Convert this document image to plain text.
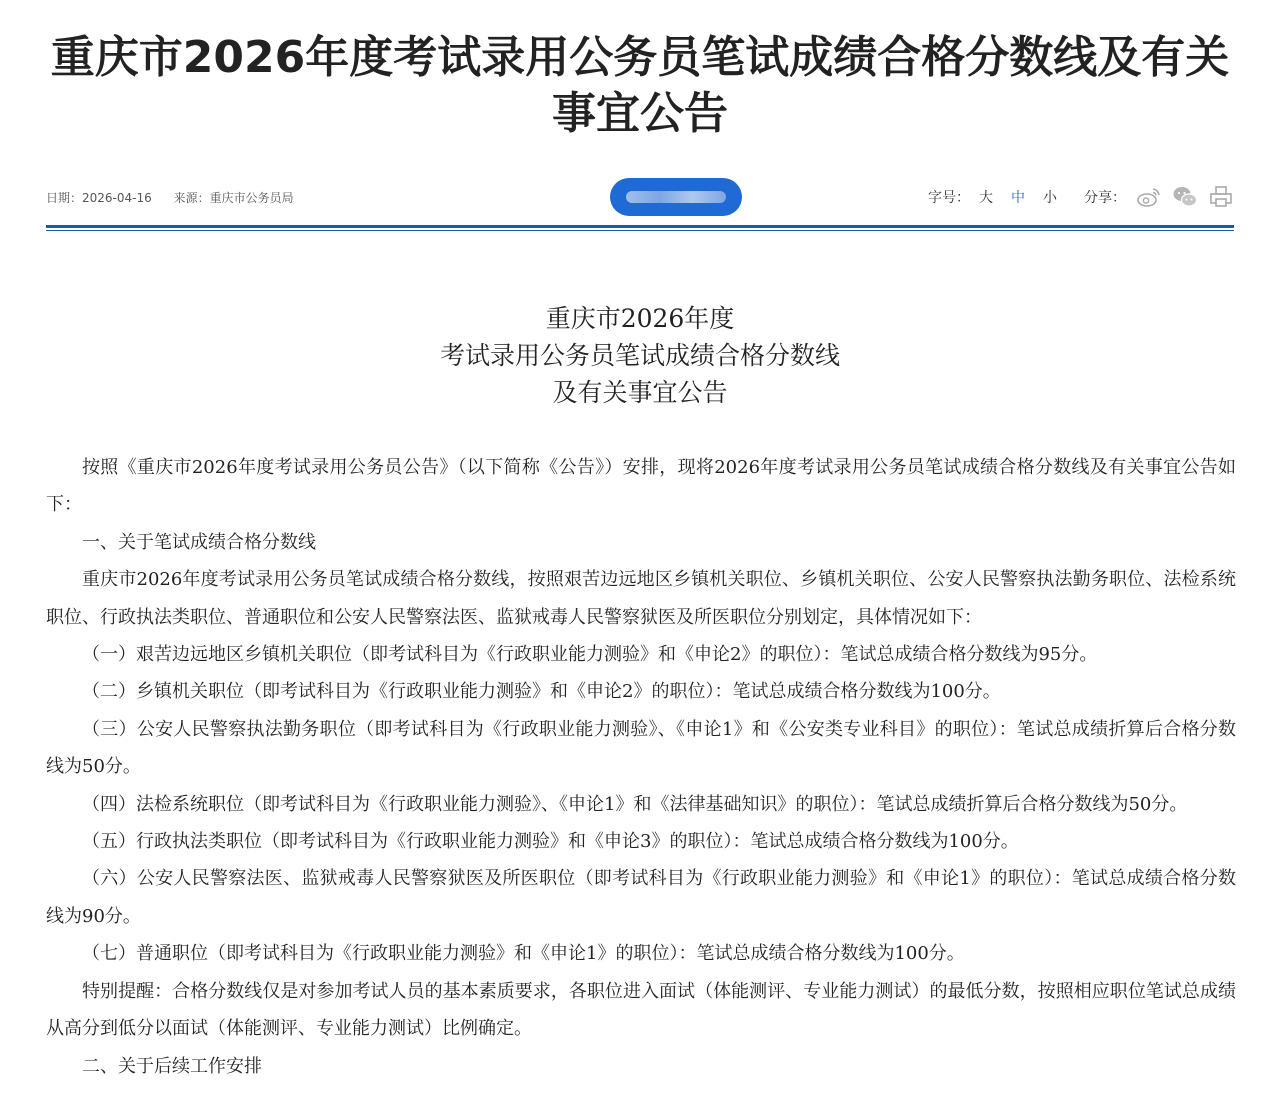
重庆市2026年度考试录用公务员笔试成绩合格分数线及有关事宜公告
日期：2026-04-16 来源：重庆市公务员局	字号： 大 中 小 分享：
重庆市2026年度
考试录用公务员笔试成绩合格分数线
及有关事宜公告

按照《重庆市2026年度考试录用公务员公告》（以下简称《公告》）安排，现将2026年度考试录用公务员笔试成绩合格分数线及有关事宜公告如下：

一、关于笔试成绩合格分数线

重庆市2026年度考试录用公务员笔试成绩合格分数线，按照艰苦边远地区乡镇机关职位、乡镇机关职位、公安人民警察执法勤务职位、法检系统职位、行政执法类职位、普通职位和公安人民警察法医、监狱戒毒人民警察狱医及所医职位分别划定，具体情况如下：

（一）艰苦边远地区乡镇机关职位（即考试科目为《行政职业能力测验》和《申论2》的职位）：笔试总成绩合格分数线为95分。

（二）乡镇机关职位（即考试科目为《行政职业能力测验》和《申论2》的职位）：笔试总成绩合格分数线为100分。

（三）公安人民警察执法勤务职位（即考试科目为《行政职业能力测验》、《申论1》和《公安类专业科目》的职位）：笔试总成绩折算后合格分数线为50分。

（四）法检系统职位（即考试科目为《行政职业能力测验》、《申论1》和《法律基础知识》的职位）：笔试总成绩折算后合格分数线为50分。

（五）行政执法类职位（即考试科目为《行政职业能力测验》和《申论3》的职位）：笔试总成绩合格分数线为100分。

（六）公安人民警察法医、监狱戒毒人民警察狱医及所医职位（即考试科目为《行政职业能力测验》和《申论1》的职位）：笔试总成绩合格分数线为90分。

（七）普通职位（即考试科目为《行政职业能力测验》和《申论1》的职位）：笔试总成绩合格分数线为100分。

特别提醒：合格分数线仅是对参加考试人员的基本素质要求，各职位进入面试（体能测评、专业能力测试）的最低分数，按照相应职位笔试总成绩从高分到低分以面试（体能测评、专业能力测试）比例确定。

二、关于后续工作安排
